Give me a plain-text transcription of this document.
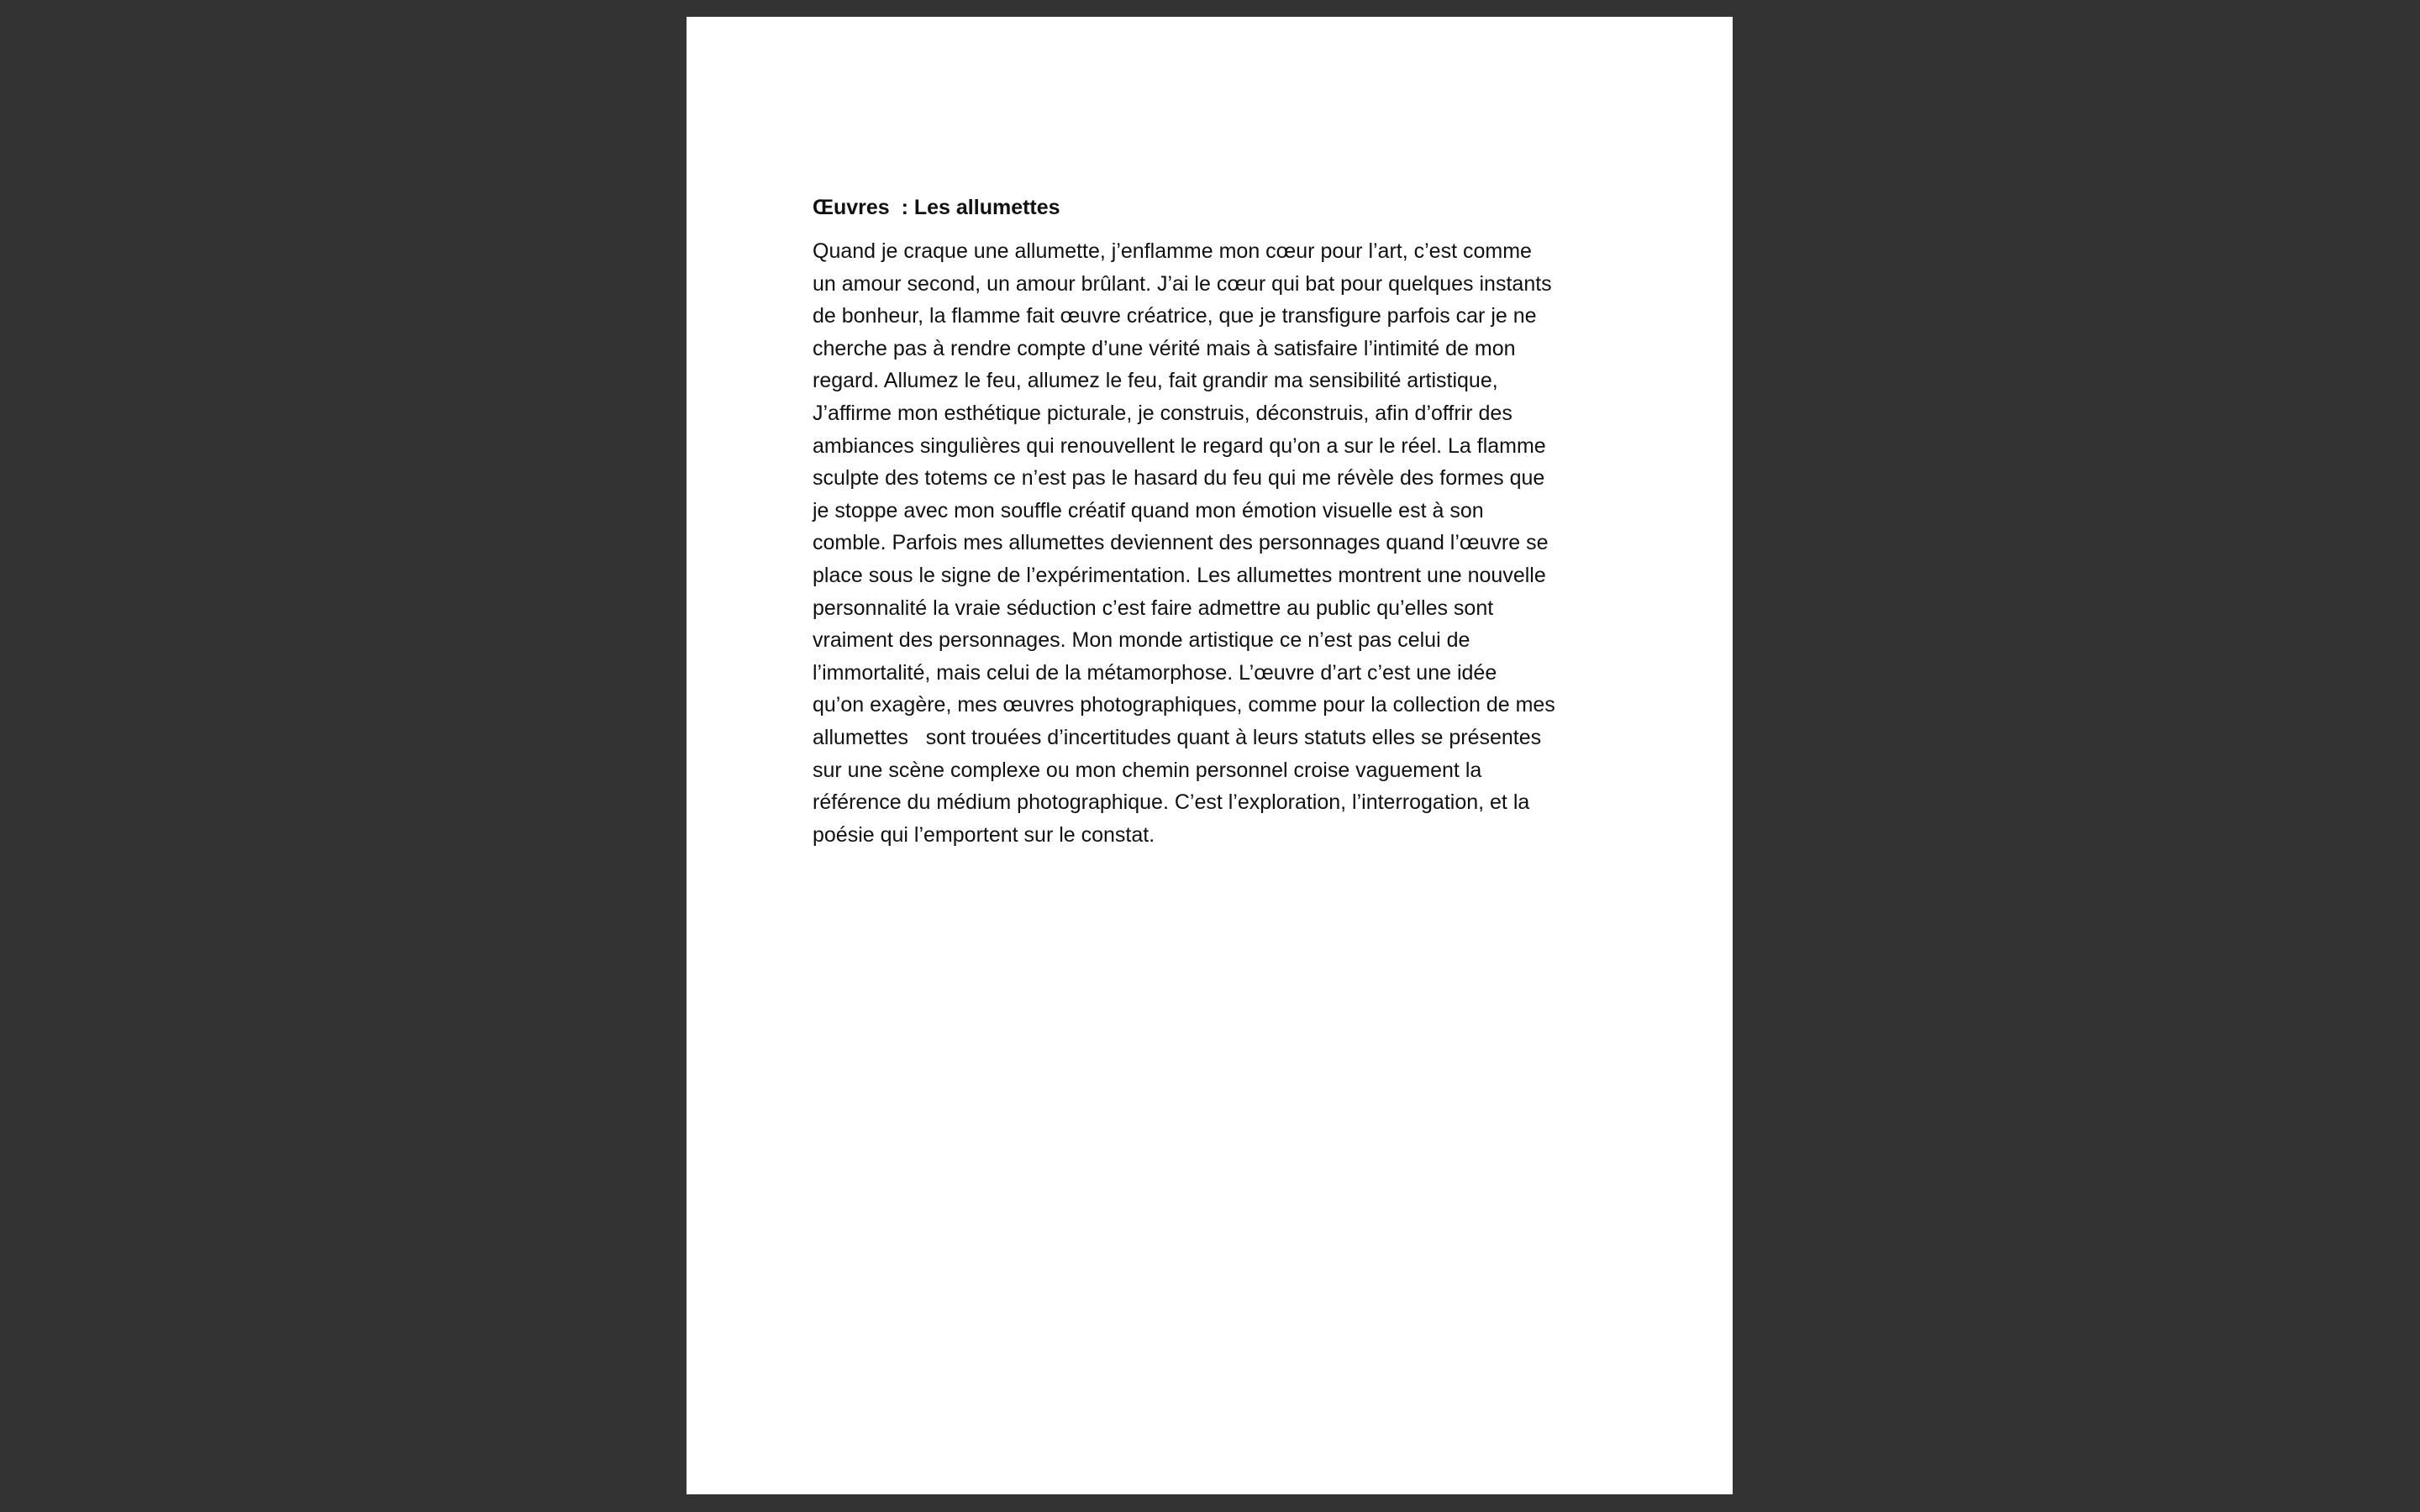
Œuvres  : Les allumettes
Quand je craque une allumette, j’enflamme mon cœur pour l’art, c’est comme
un amour second, un amour brûlant. J’ai le cœur qui bat pour quelques instants
de bonheur, la flamme fait œuvre créatrice, que je transfigure parfois car je ne
cherche pas à rendre compte d’une vérité mais à satisfaire l’intimité de mon
regard. Allumez le feu, allumez le feu, fait grandir ma sensibilité artistique,
J’affirme mon esthétique picturale, je construis, déconstruis, afin d’offrir des
ambiances singulières qui renouvellent le regard qu’on a sur le réel. La flamme
sculpte des totems ce n’est pas le hasard du feu qui me révèle des formes que
je stoppe avec mon souffle créatif quand mon émotion visuelle est à son
comble. Parfois mes allumettes deviennent des personnages quand l’œuvre se
place sous le signe de l’expérimentation. Les allumettes montrent une nouvelle
personnalité la vraie séduction c’est faire admettre au public qu’elles sont
vraiment des personnages. Mon monde artistique ce n’est pas celui de
l’immortalité, mais celui de la métamorphose. L’œuvre d’art c’est une idée
qu’on exagère, mes œuvres photographiques, comme pour la collection de mes
allumettes   sont trouées d’incertitudes quant à leurs statuts elles se présentes
sur une scène complexe ou mon chemin personnel croise vaguement la
référence du médium photographique. C’est l’exploration, l’interrogation, et la
poésie qui l’emportent sur le constat.
